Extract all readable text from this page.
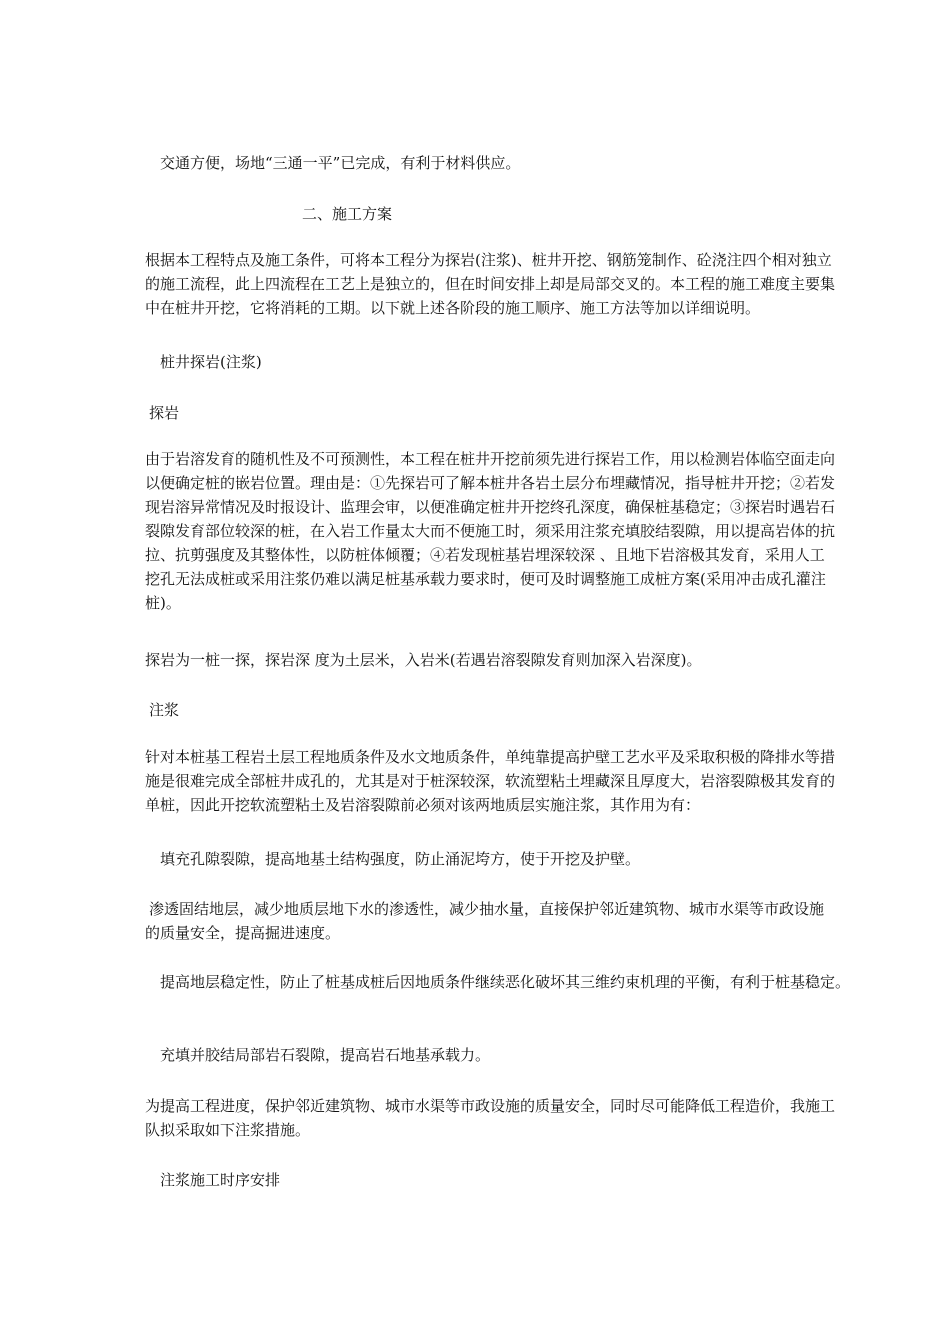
交通方便，场地“三通一平”已完成，有利于材料供应。

二、施工方案

根据本工程特点及施工条件，可将本工程分为探岩(注浆)、桩井开挖、钢筋笼制作、砼浇注四个相对独立
的施工流程，此上四流程在工艺上是独立的，但在时间安排上却是局部交叉的。本工程的施工难度主要集
中在桩井开挖，它将消耗的工期。以下就上述各阶段的施工顺序、施工方法等加以详细说明。

桩井探岩(注浆)

探岩

由于岩溶发育的随机性及不可预测性，本工程在桩井开挖前须先进行探岩工作，用以检测岩体临空面走向
以便确定桩的嵌岩位置。理由是：①先探岩可了解本桩井各岩土层分布埋藏情况，指导桩井开挖；②若发
现岩溶异常情况及时报设计、监理会审，以便准确定桩井开挖终孔深度，确保桩基稳定；③探岩时遇岩石
裂隙发育部位较深的桩，在入岩工作量太大而不便施工时，须采用注浆充填胶结裂隙，用以提高岩体的抗
拉、抗剪强度及其整体性，以防桩体倾覆；④若发现桩基岩埋深较深 、且地下岩溶极其发育，采用人工
挖孔无法成桩或采用注浆仍难以满足桩基承载力要求时，便可及时调整施工成桩方案(采用冲击成孔灌注
桩)。

探岩为一桩一探，探岩深 度为土层米，入岩米(若遇岩溶裂隙发育则加深入岩深度)。

注浆

针对本桩基工程岩土层工程地质条件及水文地质条件，单纯靠提高护壁工艺水平及采取积极的降排水等措
施是很难完成全部桩井成孔的，尤其是对于桩深较深，软流塑粘土埋藏深且厚度大，岩溶裂隙极其发育的
单桩，因此开挖软流塑粘土及岩溶裂隙前必须对该两地质层实施注浆，其作用为有：

填充孔隙裂隙，提高地基土结构强度，防止涌泥垮方，使于开挖及护壁。

渗透固结地层，减少地质层地下水的渗透性，减少抽水量，直接保护邻近建筑物、城市水渠等市政设施
的质量安全，提高掘进速度。

提高地层稳定性，防止了桩基成桩后因地质条件继续恶化破坏其三维约束机理的平衡，有利于桩基稳定。

充填并胶结局部岩石裂隙，提高岩石地基承载力。

为提高工程进度，保护邻近建筑物、城市水渠等市政设施的质量安全，同时尽可能降低工程造价，我施工
队拟采取如下注浆措施。

注浆施工时序安排
